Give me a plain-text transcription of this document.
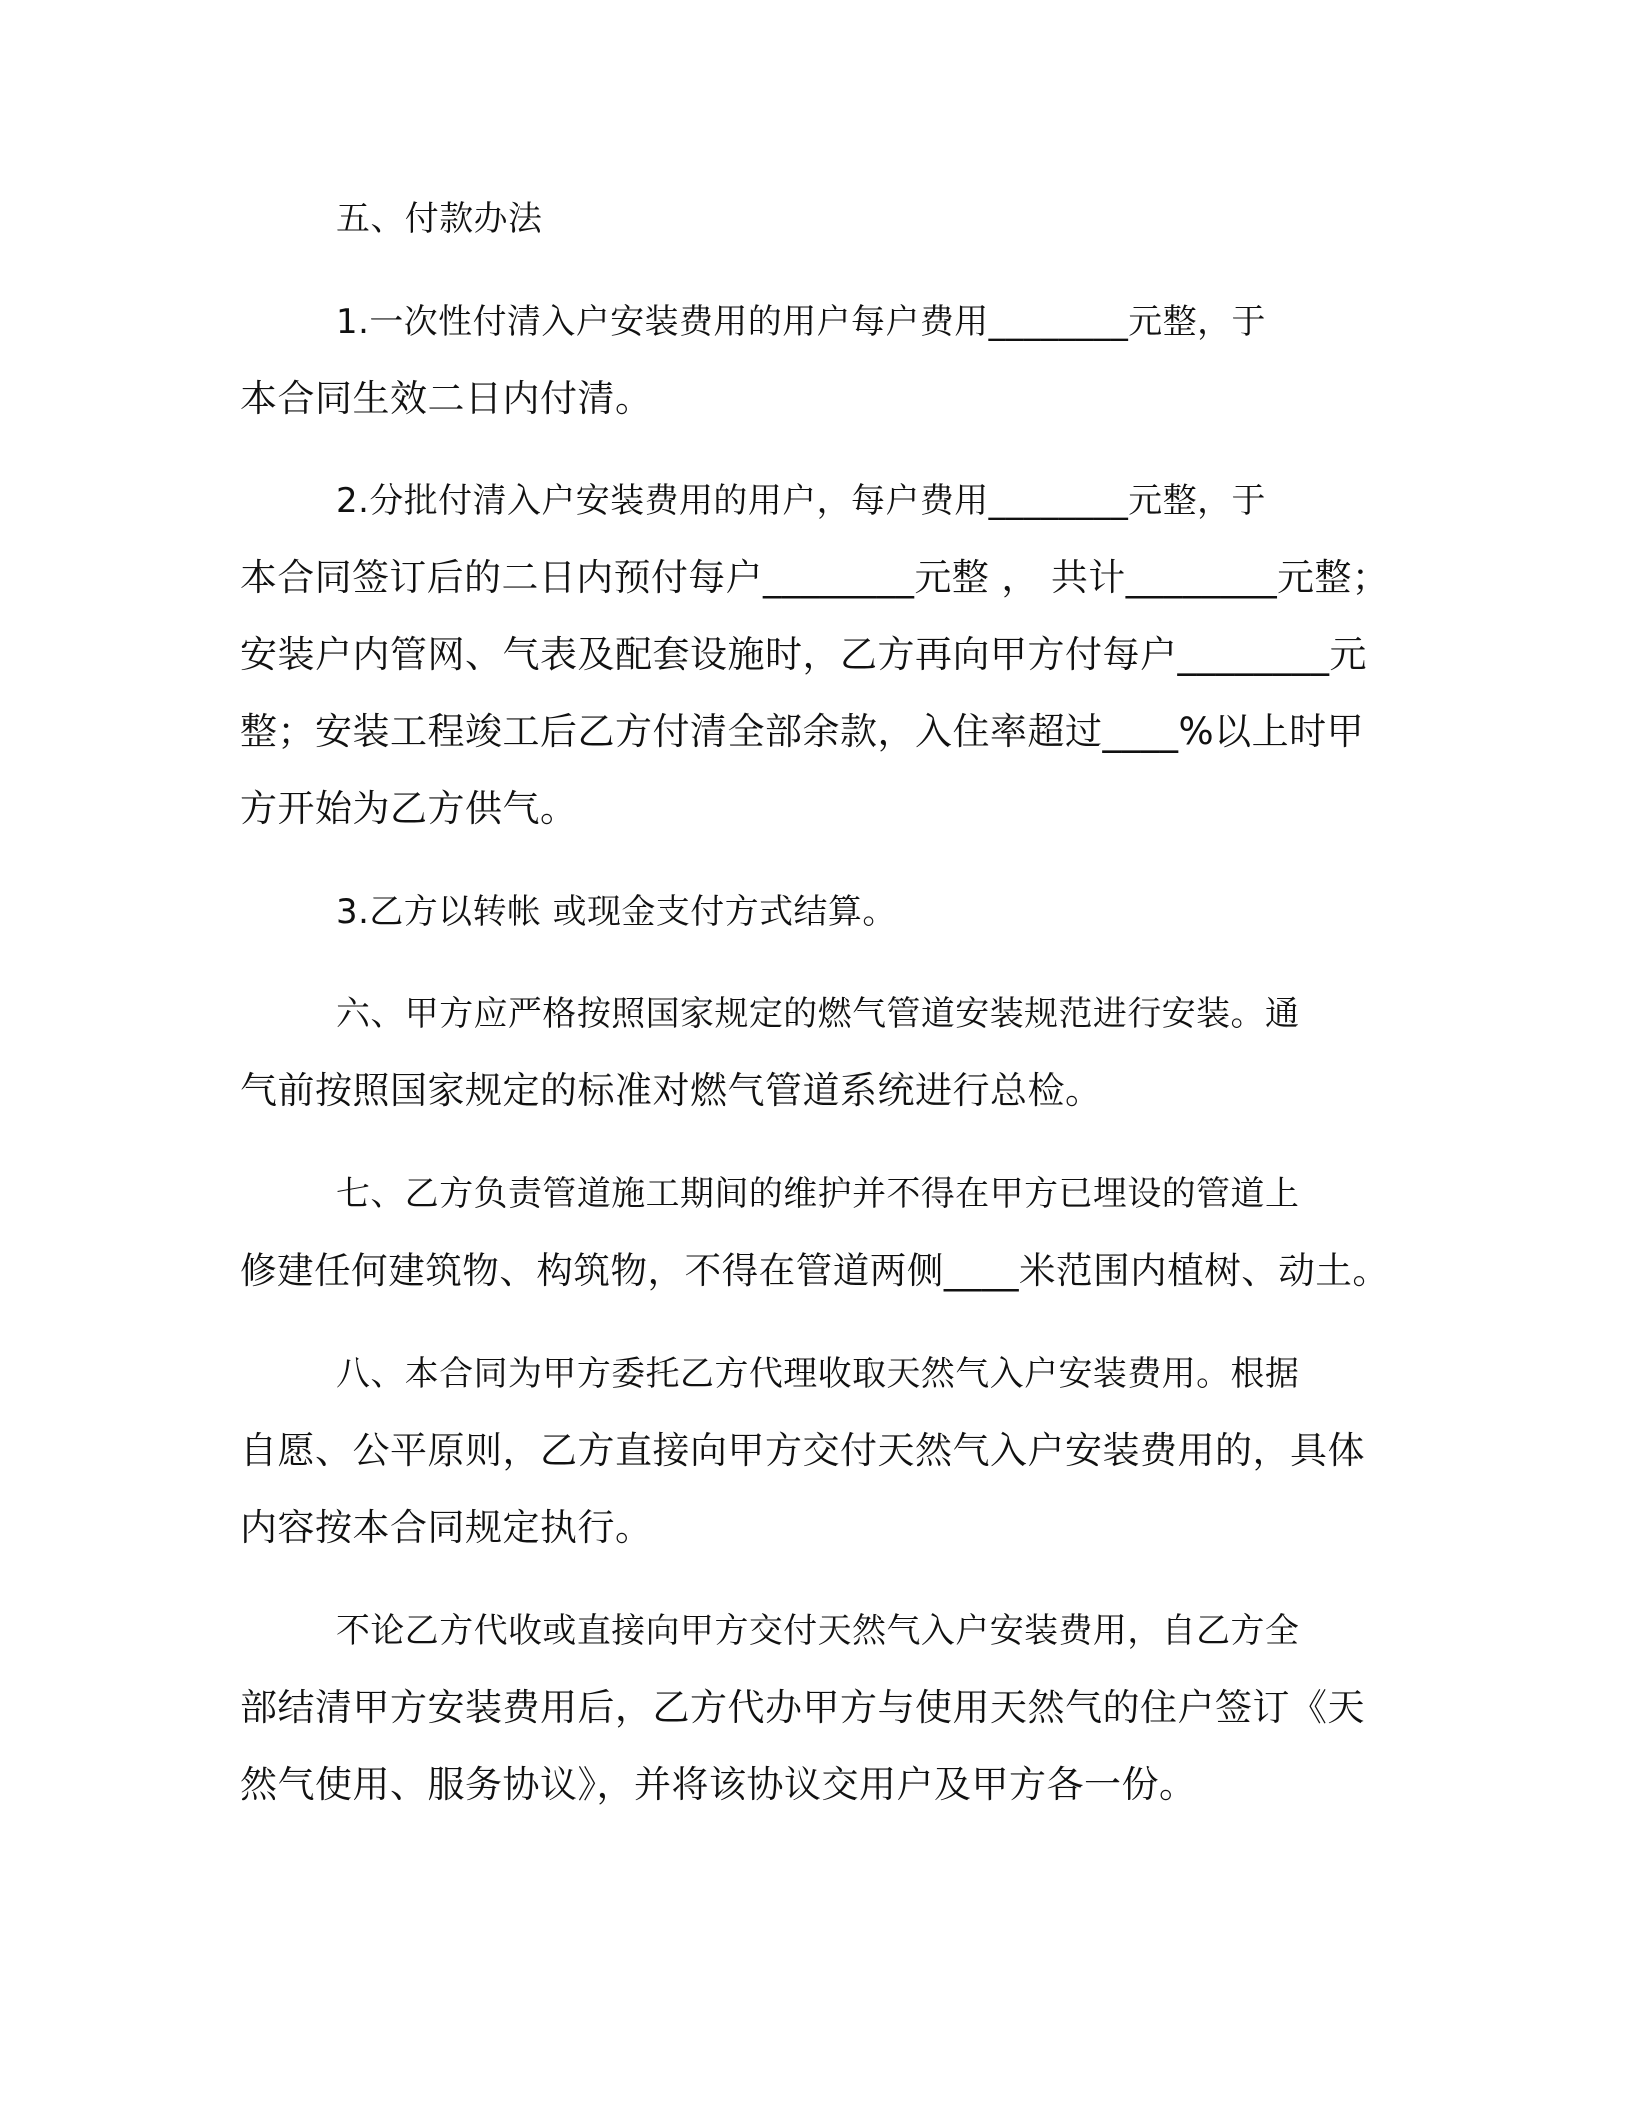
五、付款办法

1.一次性付清入户安装费用的用户每户费用________元整，于
本合同生效二日内付清。

2.分批付清入户安装费用的用户，每户费用________元整，于
本合同签订后的二日内预付每户________元整 ， 共计________元整；
安装户内管网、气表及配套设施时，乙方再向甲方付每户________元
整；安装工程竣工后乙方付清全部余款，入住率超过____%以上时甲
方开始为乙方供气。

3.乙方以转帐 或现金支付方式结算。

六、甲方应严格按照国家规定的燃气管道安装规范进行安装。通
气前按照国家规定的标准对燃气管道系统进行总检。

七、乙方负责管道施工期间的维护并不得在甲方已埋设的管道上
修建任何建筑物、构筑物，不得在管道两侧____米范围内植树、动土。

八、本合同为甲方委托乙方代理收取天然气入户安装费用。根据
自愿、公平原则，乙方直接向甲方交付天然气入户安装费用的，具体
内容按本合同规定执行。

不论乙方代收或直接向甲方交付天然气入户安装费用，自乙方全
部结清甲方安装费用后，乙方代办甲方与使用天然气的住户签订《天
然气使用、服务协议》，并将该协议交用户及甲方各一份。
